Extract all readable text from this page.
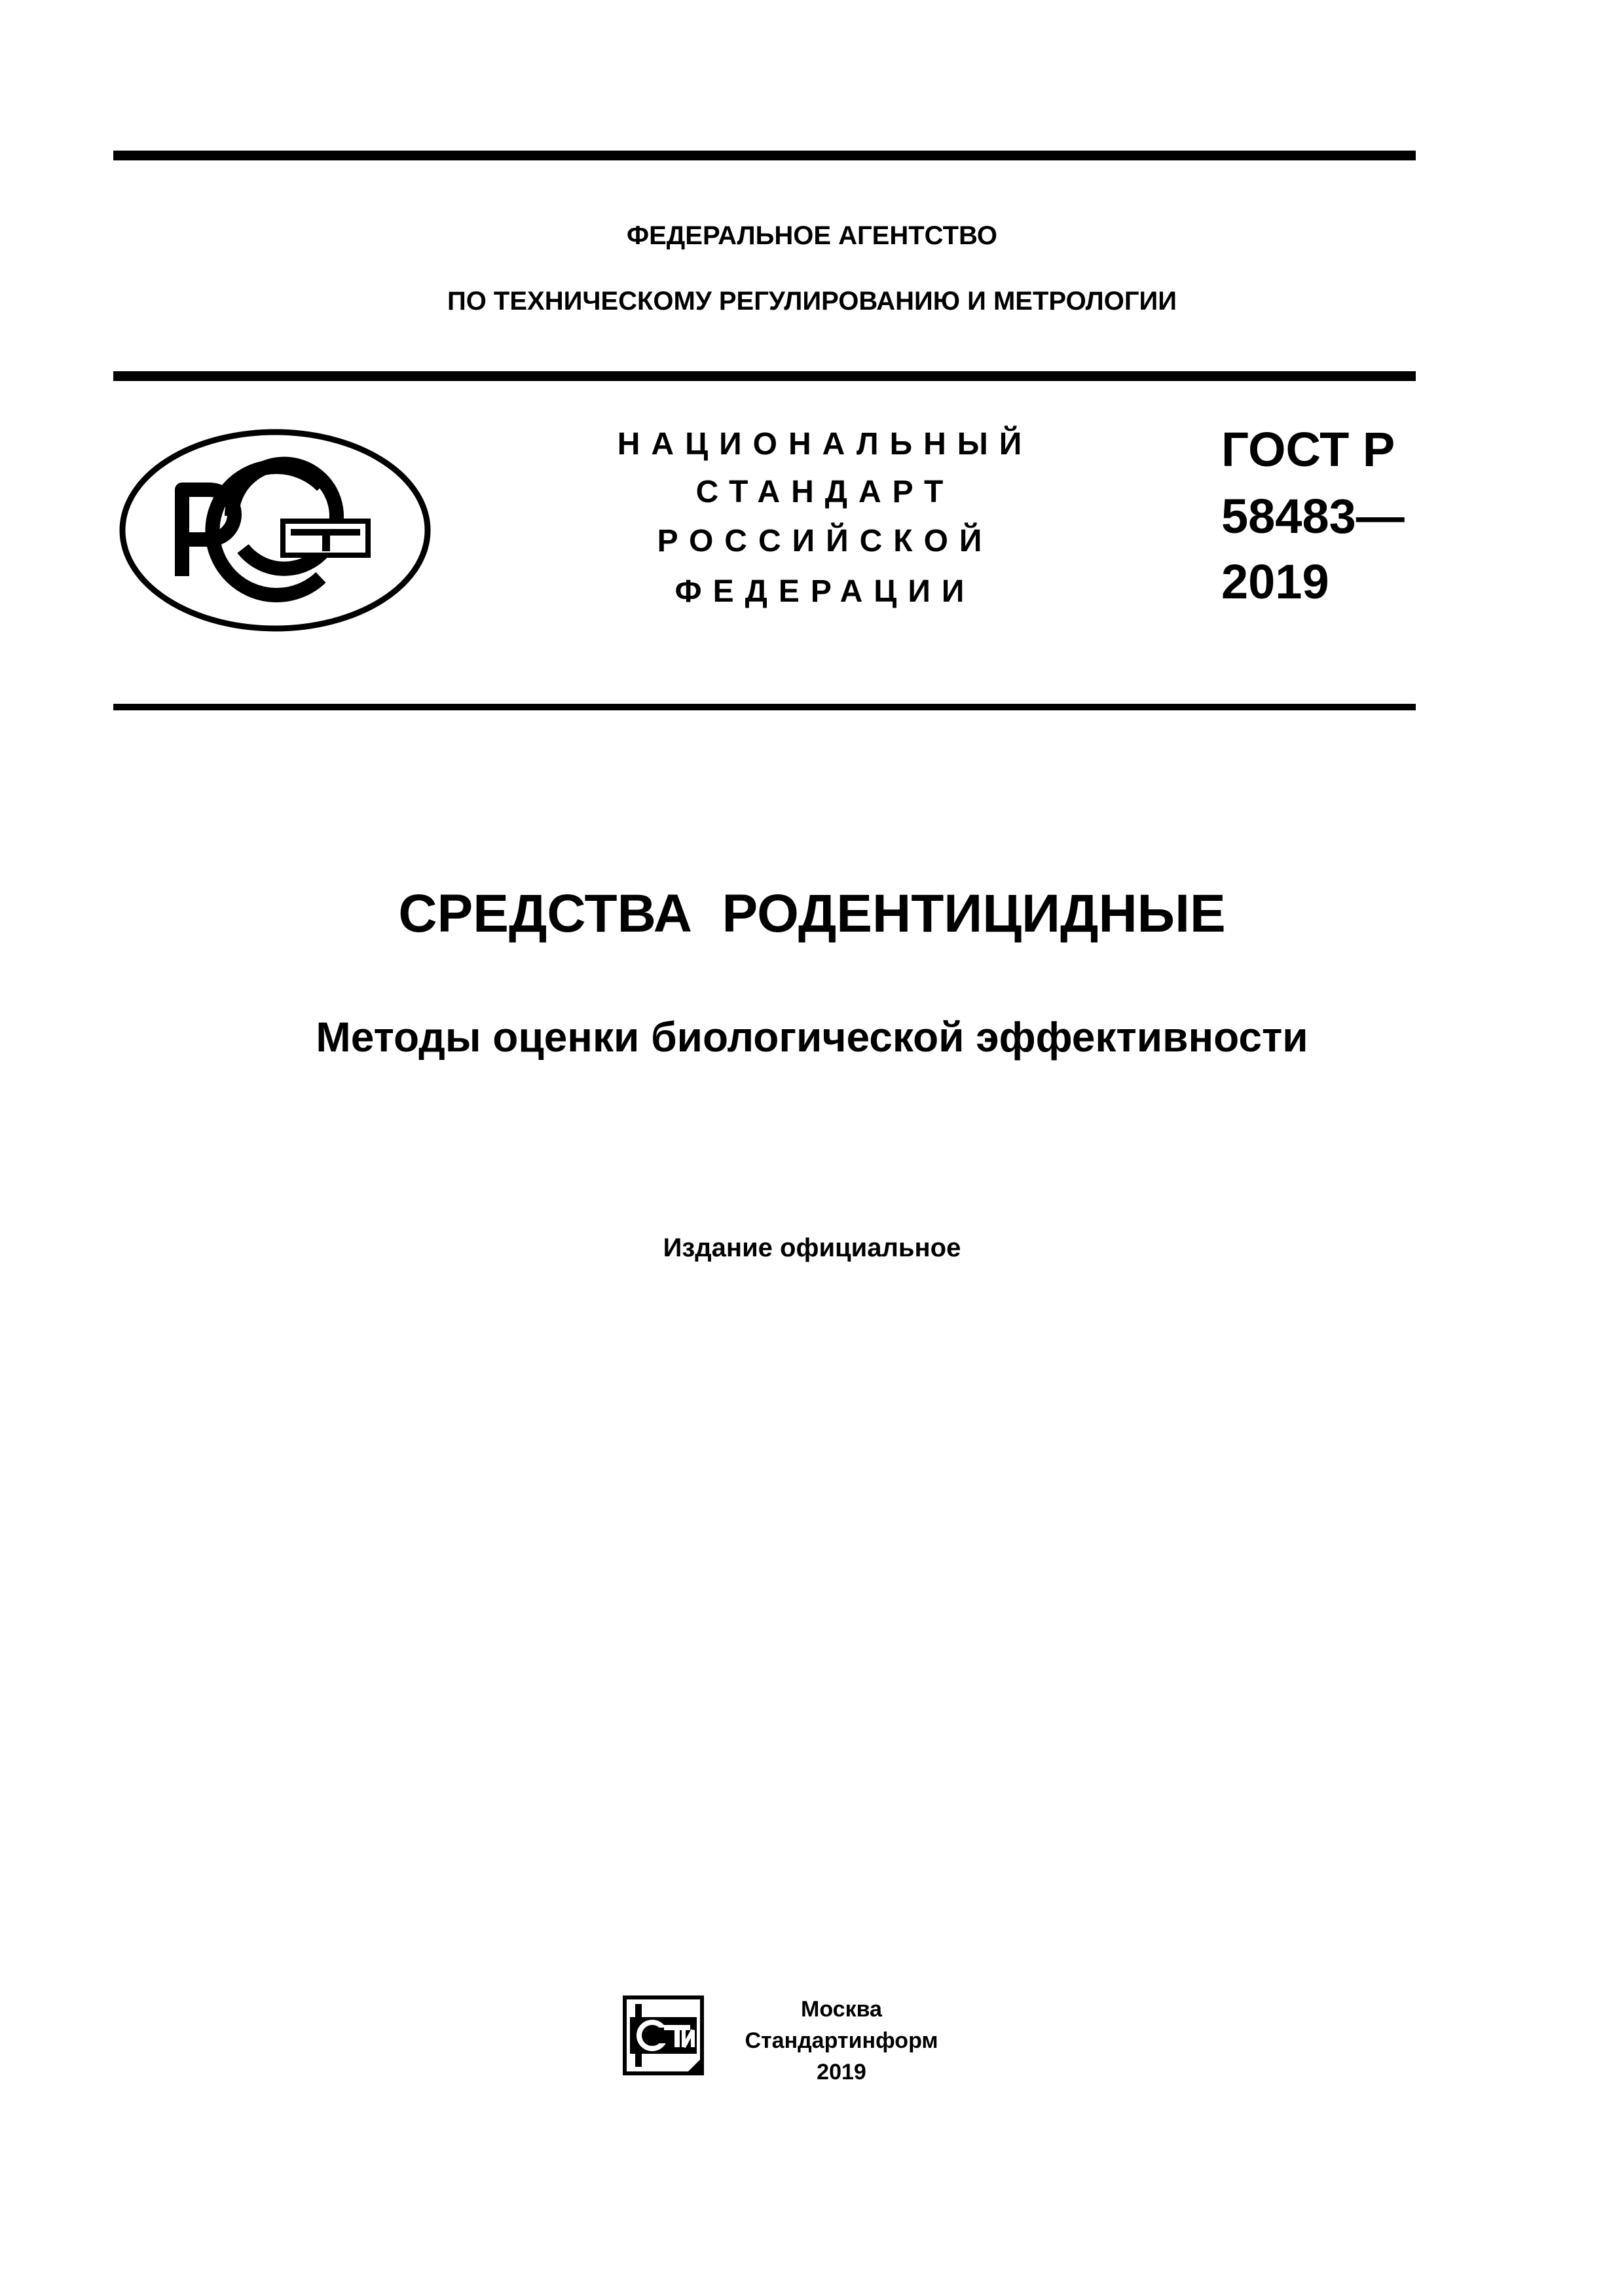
ФЕДЕРАЛЬНОЕ АГЕНТСТВО
ПО ТЕХНИЧЕСКОМУ РЕГУЛИРОВАНИЮ И МЕТРОЛОГИИ
НАЦИОНАЛЬНЫЙ
СТАНДАРТ
РОССИЙСКОЙ
ФЕДЕРАЦИИ
ГОСТ Р
58483—
2019
СРЕДСТВА  РОДЕНТИЦИДНЫЕ
Методы оценки биологической эффективности
Издание официальное
Москва
Стандартинформ
2019
